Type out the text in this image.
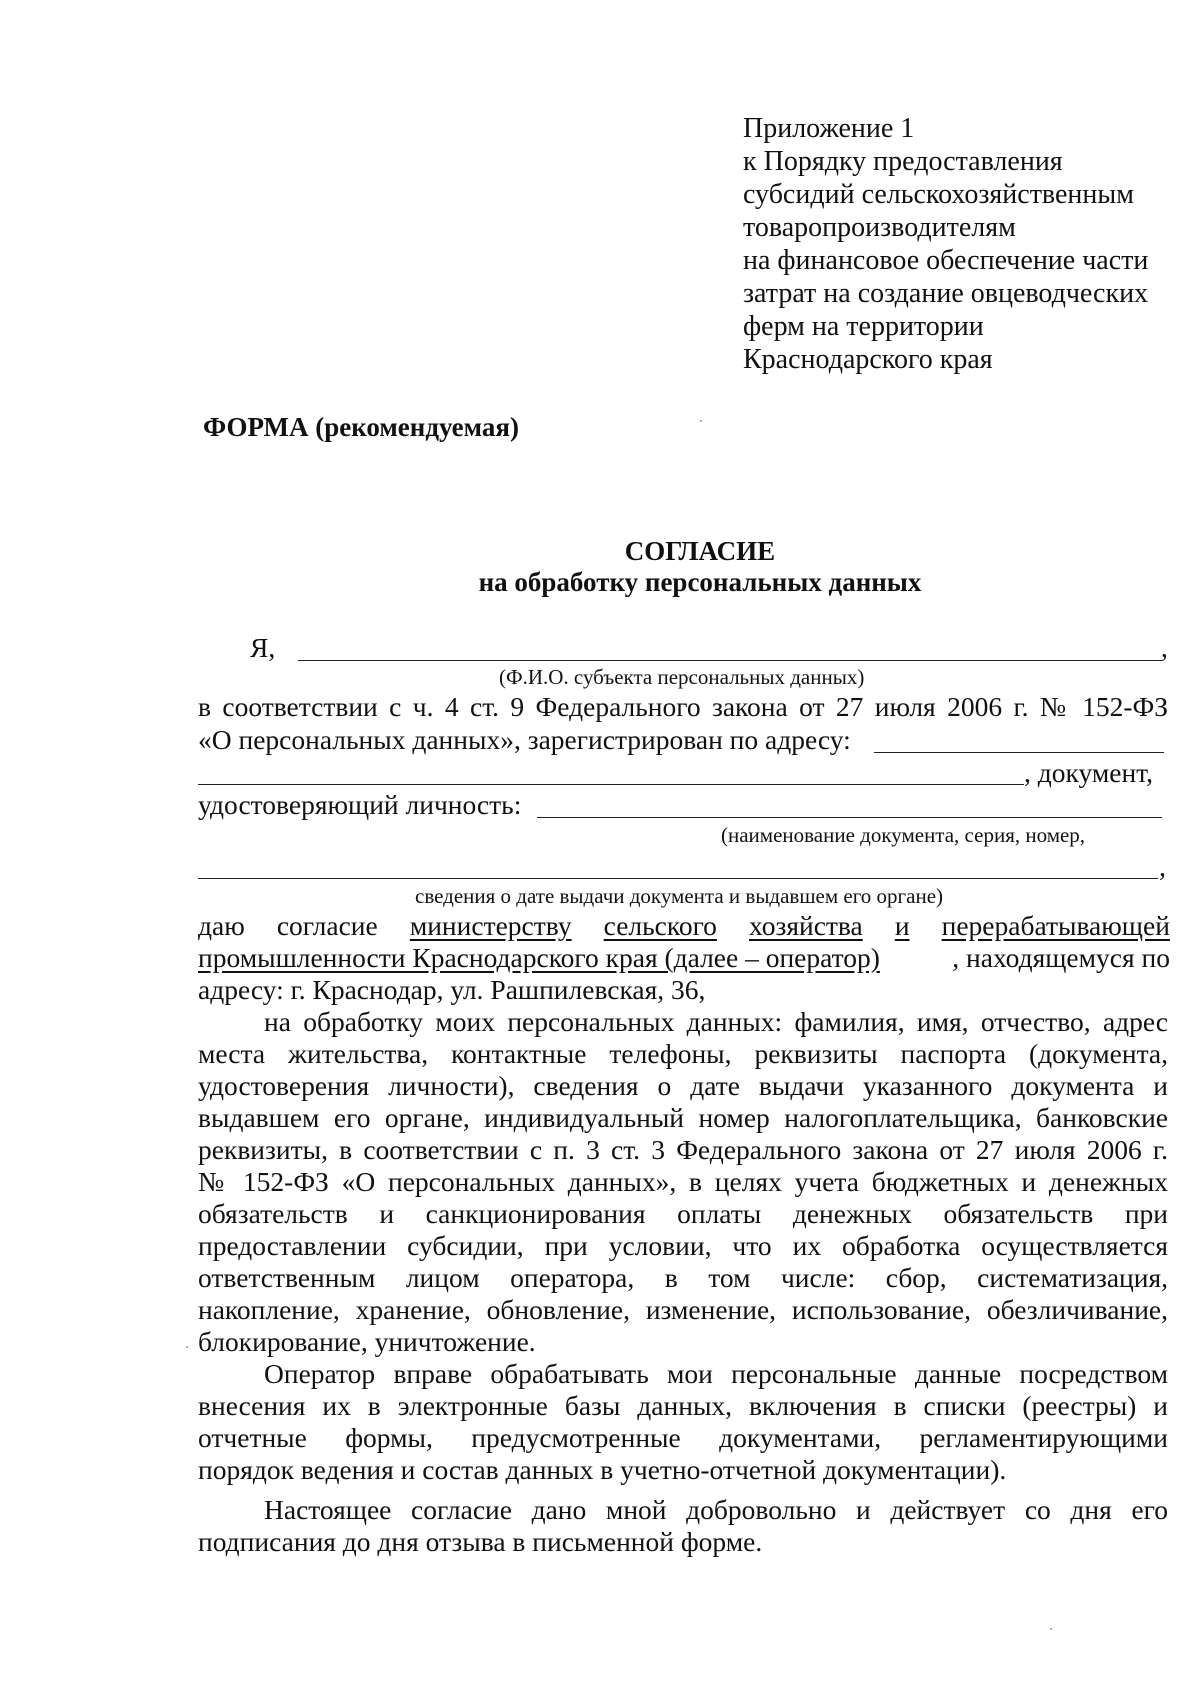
Приложение 1
к Порядку предоставления
субсидий сельскохозяйственным
товаропроизводителям
на финансовое обеспечение части
затрат на создание овцеводческих
ферм на территории
Краснодарского края
ФОРМА (рекомендуемая)
СОГЛАСИЕ
на обработку персональных данных
Я,	,
(Ф.И.О. субъекта персональных данных)
в соответствии с ч. 4 ст. 9 Федерального закона от 27 июля 2006 г. № 152-ФЗ
«О персональных данных», зарегистрирован по адресу:
, документ,
удостоверяющий личность:
(наименование документа, серия, номер,
,
сведения о дате выдачи документа и выдавшем его органе)
даю согласие министерству сельского хозяйства и перерабатывающей
промышленности Краснодарского края (далее – оператор)	, находящемуся по
адресу: г. Краснодар, ул. Рашпилевская, 36,
на обработку моих персональных данных: фамилия, имя, отчество, адрес
места жительства, контактные телефоны, реквизиты паспорта (документа,
удостоверения личности), сведения о дате выдачи указанного документа и
выдавшем его органе, индивидуальный номер налогоплательщика, банковские
реквизиты, в соответствии с п. 3 ст. 3 Федерального закона от 27 июля 2006 г.
№ 152-ФЗ «О персональных данных», в целях учета бюджетных и денежных
обязательств и санкционирования оплаты денежных обязательств при
предоставлении субсидии, при условии, что их обработка осуществляется
ответственным лицом оператора, в том числе: сбор, систематизация,
накопление, хранение, обновление, изменение, использование, обезличивание,
блокирование, уничтожение.
Оператор вправе обрабатывать мои персональные данные посредством
внесения их в электронные базы данных, включения в списки (реестры) и
отчетные формы, предусмотренные документами, регламентирующими
порядок ведения и состав данных в учетно-отчетной документации).
Настоящее согласие дано мной добровольно и действует со дня его
подписания до дня отзыва в письменной форме.
